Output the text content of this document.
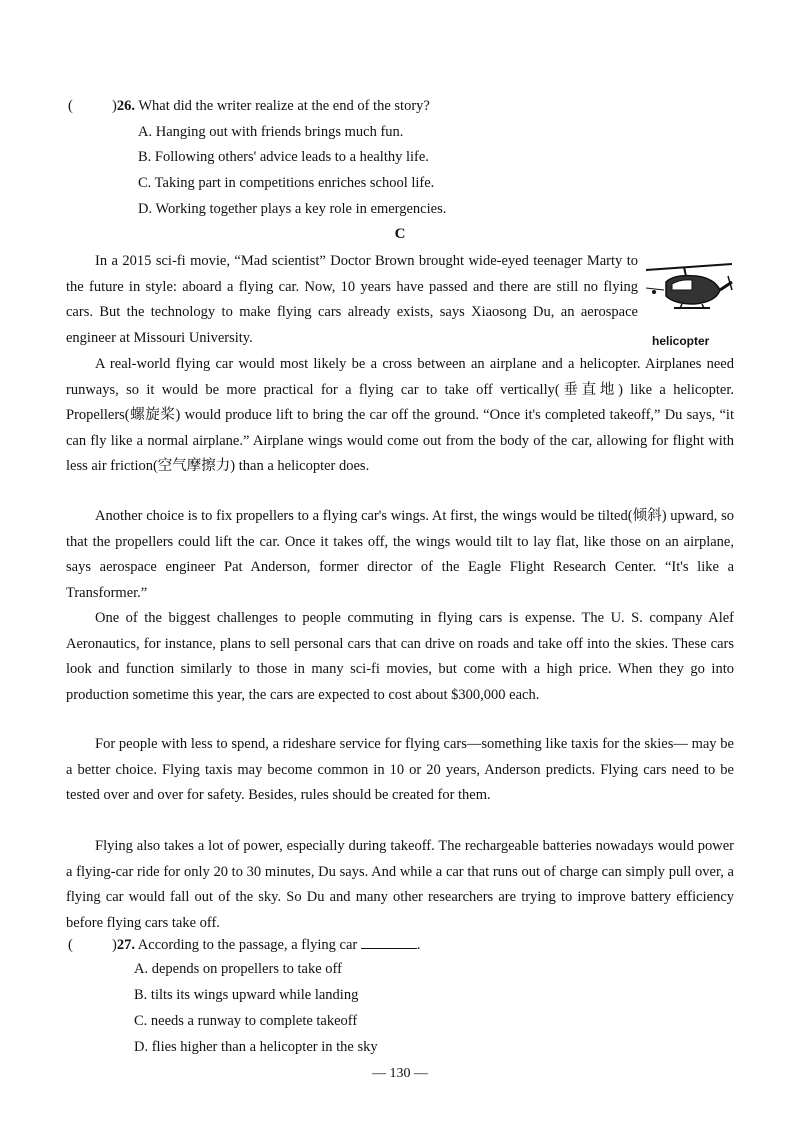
(	)26. What did the writer realize at the end of the story?
A. Hanging out with friends brings much fun.
B. Following others' advice leads to a healthy life.
C. Taking part in competitions enriches school life.
D. Working together plays a key role in emergencies.
C
helicopter

In a 2015 sci-fi movie, “Mad scientist” Doctor Brown brought wide-eyed teenager Marty to the future in style: aboard a flying car. Now, 10 years have passed and there are still no flying cars. But the technology to make flying cars already exists, says Xiaosong Du, an aerospace engineer at Missouri University.

A real-world flying car would most likely be a cross between an airplane and a helicopter. Airplanes need runways, so it would be more practical for a flying car to take off vertically(垂直地) like a helicopter. Propellers(螺旋桨) would produce lift to bring the car off the ground. “Once it's completed takeoff,” Du says, “it can fly like a normal airplane.” Airplane wings would come out from the body of the car, allowing for flight with less air friction(空气摩擦力) than a helicopter does.

Another choice is to fix propellers to a flying car's wings. At first, the wings would be tilted(倾斜) upward, so that the propellers could lift the car. Once it takes off, the wings would tilt to lay flat, like those on an airplane, says aerospace engineer Pat Anderson, former director of the Eagle Flight Research Center. “It's like a Transformer.”

One of the biggest challenges to people commuting in flying cars is expense. The U. S. company Alef Aeronautics, for instance, plans to sell personal cars that can drive on roads and take off into the skies. These cars look and function similarly to those in many sci-fi movies, but come with a high price. When they go into production sometime this year, the cars are expected to cost about $300,000 each.

For people with less to spend, a rideshare service for flying cars—something like taxis for the skies— may be a better choice. Flying taxis may become common in 10 or 20 years, Anderson predicts. Flying cars need to be tested over and over for safety. Besides, rules should be created for them.

Flying also takes a lot of power, especially during takeoff. The rechargeable batteries nowadays would power a flying-car ride for only 20 to 30 minutes, Du says. And while a car that runs out of charge can simply pull over, a flying car would fall out of the sky. So Du and many other researchers are trying to improve battery efficiency before flying cars take off.

(	)27. According to the passage, a flying car	.
A. depends on propellers to take off
B. tilts its wings upward while landing
C. needs a runway to complete takeoff
D. flies higher than a helicopter in the sky
— 130 —
